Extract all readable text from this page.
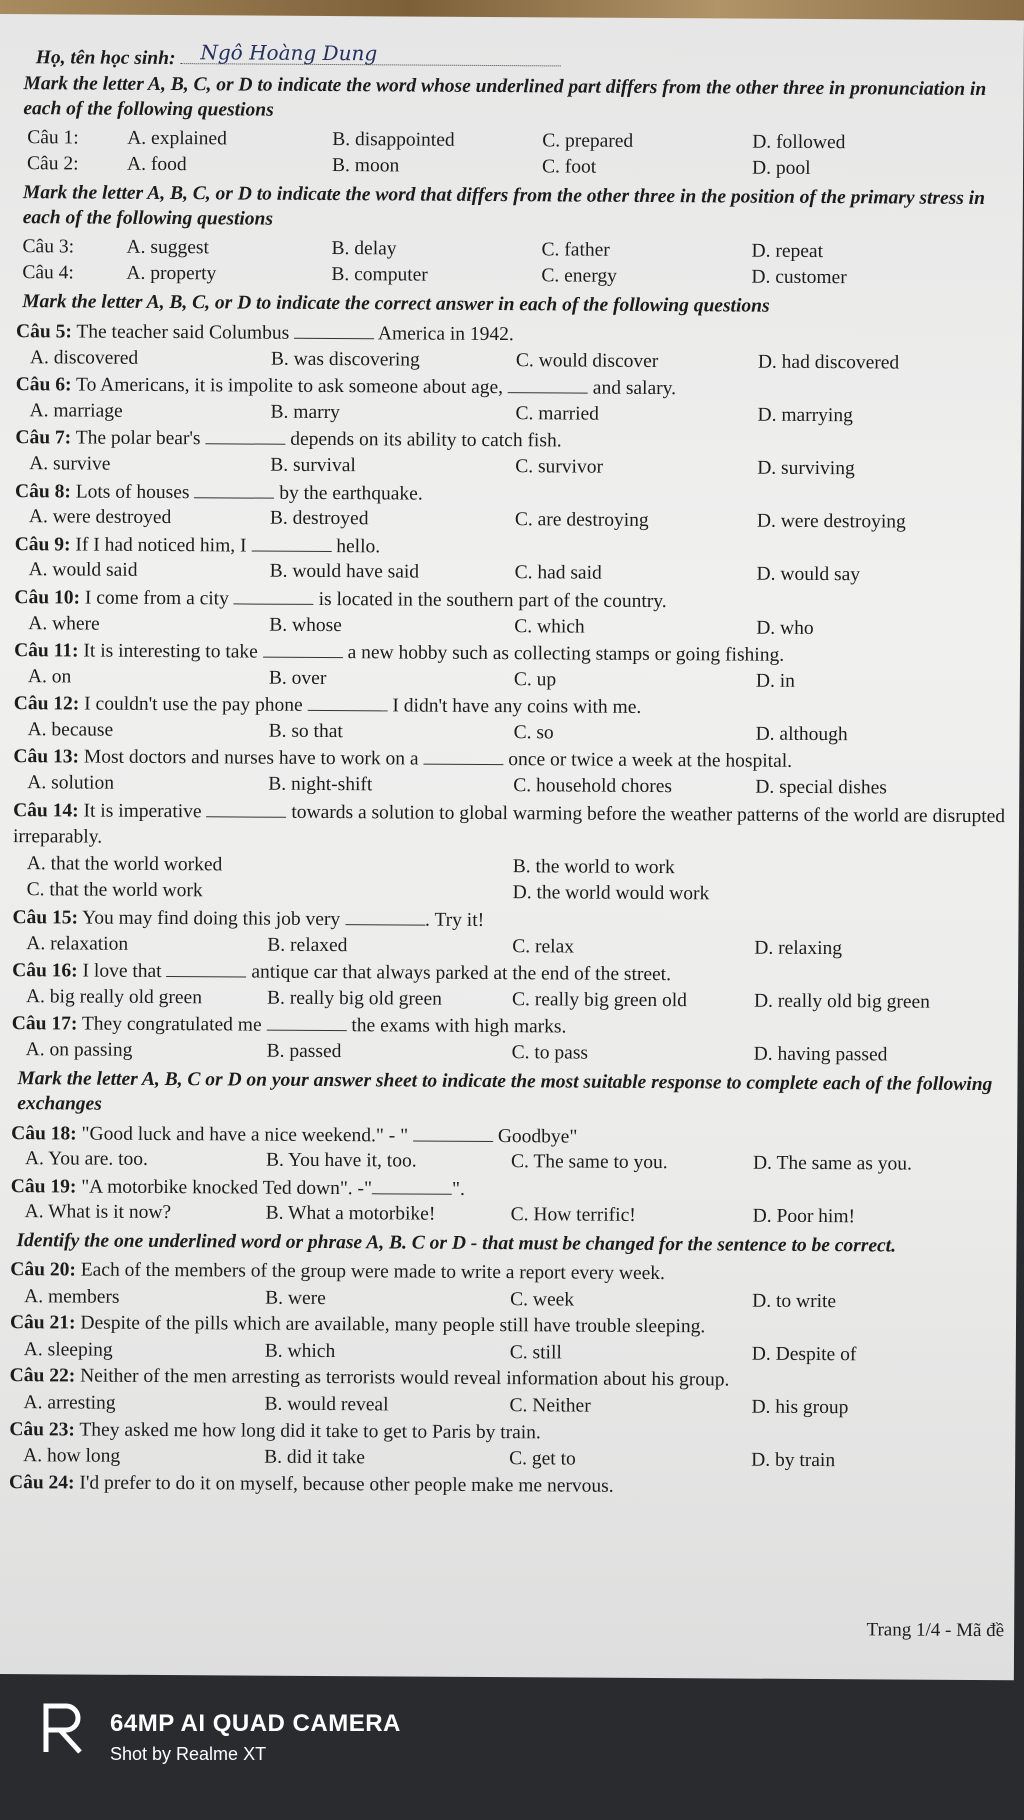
Họ, tên học sinh: Ngô Hoàng Dung
Mark the letter A, B, C, or D to indicate the word whose underlined part differs from the other three in pronunciation in each of the following questions
Câu 1: A. explained	B. disappointed	C. prepared	D. followed
Câu 2: A. food	B. moon	C. foot	D. pool
Mark the letter A, B, C, or D to indicate the word that differs from the other three in the position of the primary stress in each of the following questions
Câu 3:	A. suggest	B. delay	C. father	D. repeat
Câu 4:	A. property	B. computer	C. energy	D. customer
Mark the letter A, B, C, or D to indicate the correct answer in each of the following questions
Câu 5: The teacher said Columbus	America in 1942.
A. discovered	B. was discovering	C. would discover	D. had discovered
Câu 6: To Americans, it is impolite to ask someone about age,	and salary.
A. marriage	B. marry	C. married	D. marrying
Câu 7: The polar bear's	depends on its ability to catch fish.
A. survive	B. survival	C. survivor	D. surviving
Câu 8: Lots of houses	by the earthquake.
A. were destroyed	B. destroyed	C. are destroying	D. were destroying
Câu 9: If I had noticed him, I	hello.
A. would said	B. would have said	C. had said	D. would say
Câu 10: I come from a city	is located in the southern part of the country.
A. where	B. whose	C. which	D. who
Câu 11: It is interesting to take	a new hobby such as collecting stamps or going fishing.
A. on	B. over	C. up	D. in
Câu 12: I couldn't use the pay phone	I didn't have any coins with me.
A. because	B. so that	C. so	D. although
Câu 13: Most doctors and nurses have to work on a	once or twice a week at the hospital.
A. solution	B. night-shift	C. household chores	D. special dishes
Câu 14: It is imperative	towards a solution to global warming before the weather patterns of the world are disrupted irreparably.
A. that the world worked	B. the world to work
C. that the world work	D. the world would work
Câu 15: You may find doing this job very	. Try it!
A. relaxation	B. relaxed	C. relax	D. relaxing
Câu 16: I love that	antique car that always parked at the end of the street.
A. big really old green	B. really big old green	C. really big green old	D. really old big green
Câu 17: They congratulated me	the exams with high marks.
A. on passing	B. passed	C. to pass	D. having passed
Mark the letter A, B, C or D on your answer sheet to indicate the most suitable response to complete each of the following exchanges
Câu 18: "Good luck and have a nice weekend." - "	Goodbye"
A. You are. too.	B. You have it, too.	C. The same to you.	D. The same as you.
Câu 19: "A motorbike knocked Ted down". -"	".
A. What is it now?	B. What a motorbike!	C. How terrific!	D. Poor him!
Identify the one underlined word or phrase A, B. C or D - that must be changed for the sentence to be correct.
Câu 20: Each of the members of the group were made to write a report every week.
A. members	B. were	C. week	D. to write
Câu 21: Despite of the pills which are available, many people still have trouble sleeping.
A. sleeping	B. which	C. still	D. Despite of
Câu 22: Neither of the men arresting as terrorists would reveal information about his group.
A. arresting	B. would reveal	C. Neither	D. his group
Câu 23: They asked me how long did it take to get to Paris by train.
A. how long	B. did it take	C. get to	D. by train
Câu 24: I'd prefer to do it on myself, because other people make me nervous.
Trang 1/4 - Mã đề
64MP AI QUAD CAMERA
Shot by Realme XT
